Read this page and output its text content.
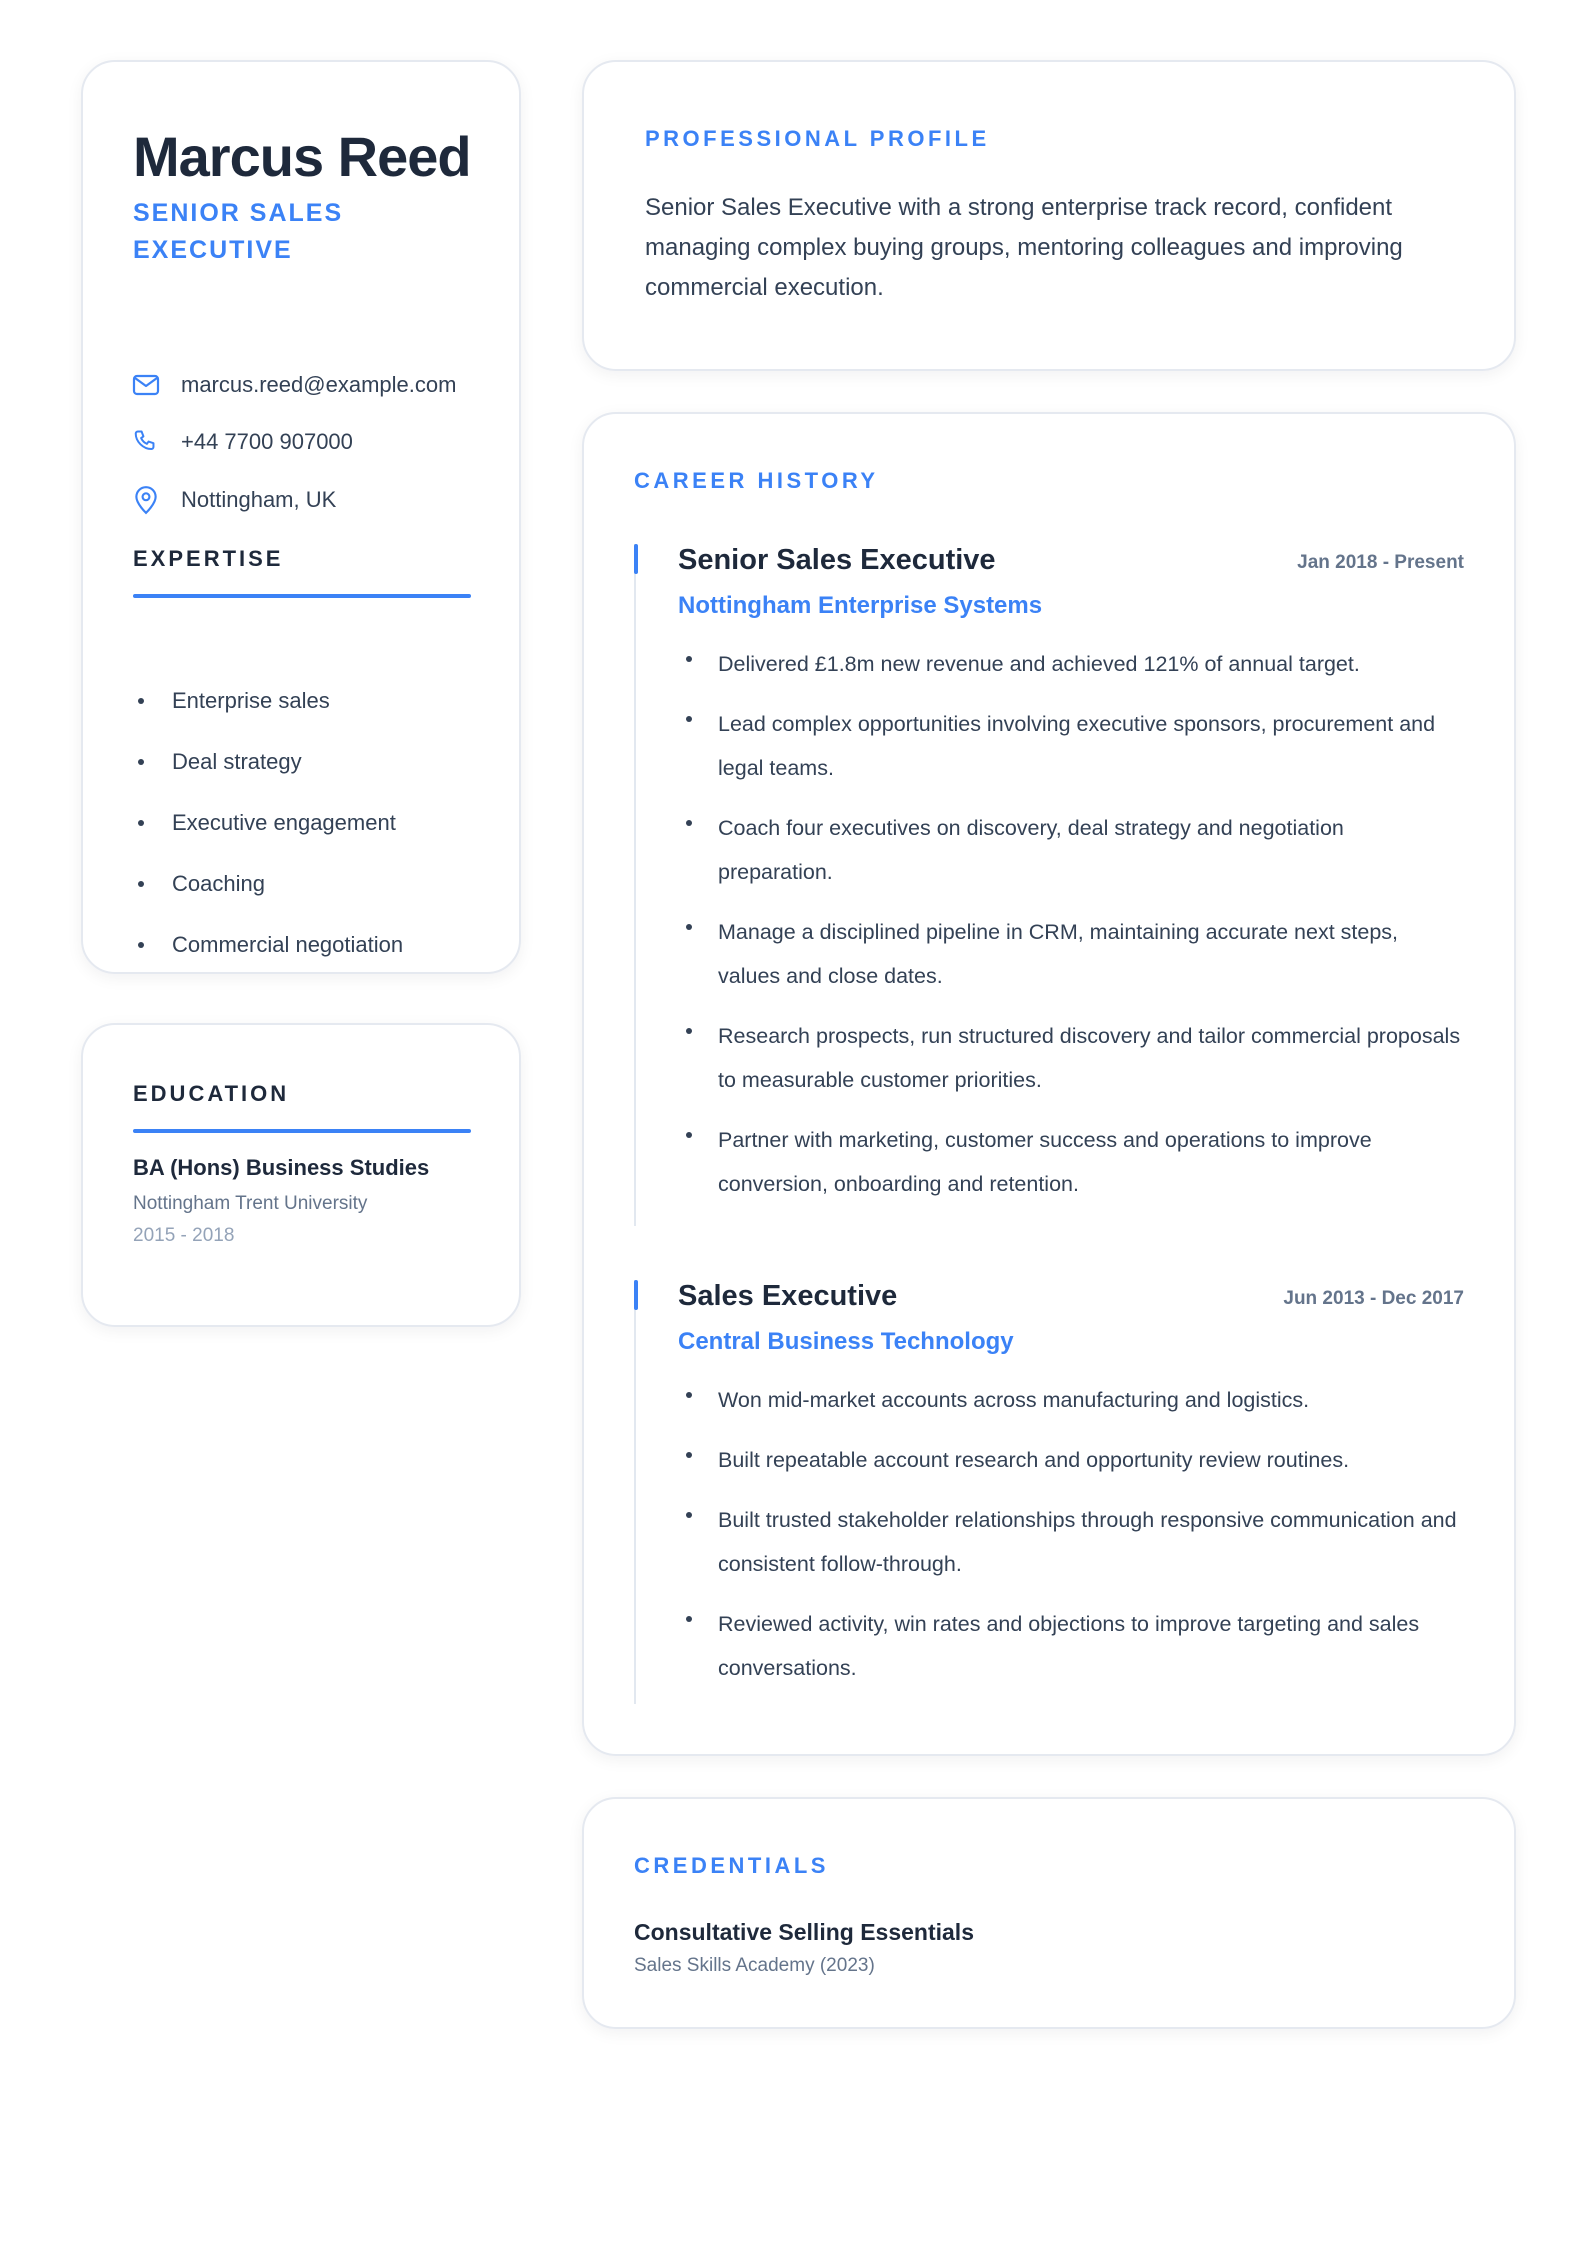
Marcus Reed
SENIOR SALES EXECUTIVE
marcus.reed@example.com
+44 7700 907000
Nottingham, UK
EXPERTISE
Enterprise sales
Deal strategy
Executive engagement
Coaching
Commercial negotiation
EDUCATION
BA (Hons) Business Studies
Nottingham Trent University
2015 - 2018
PROFESSIONAL PROFILE

Senior Sales Executive with a strong enterprise track record, confident managing complex buying groups, mentoring colleagues and improving commercial execution.

CAREER HISTORY
Senior Sales Executive	Jan 2018 - Present
Nottingham Enterprise Systems
Delivered £1.8m new revenue and achieved 121% of annual target.
Lead complex opportunities involving executive sponsors, procurement and legal teams.
Coach four executives on discovery, deal strategy and negotiation preparation.
Manage a disciplined pipeline in CRM, maintaining accurate next steps, values and close dates.
Research prospects, run structured discovery and tailor commercial proposals to measurable customer priorities.
Partner with marketing, customer success and operations to improve conversion, onboarding and retention.
Sales Executive	Jun 2013 - Dec 2017
Central Business Technology
Won mid-market accounts across manufacturing and logistics.
Built repeatable account research and opportunity review routines.
Built trusted stakeholder relationships through responsive communication and consistent follow-through.
Reviewed activity, win rates and objections to improve targeting and sales conversations.
CREDENTIALS
Consultative Selling Essentials
Sales Skills Academy (2023)
